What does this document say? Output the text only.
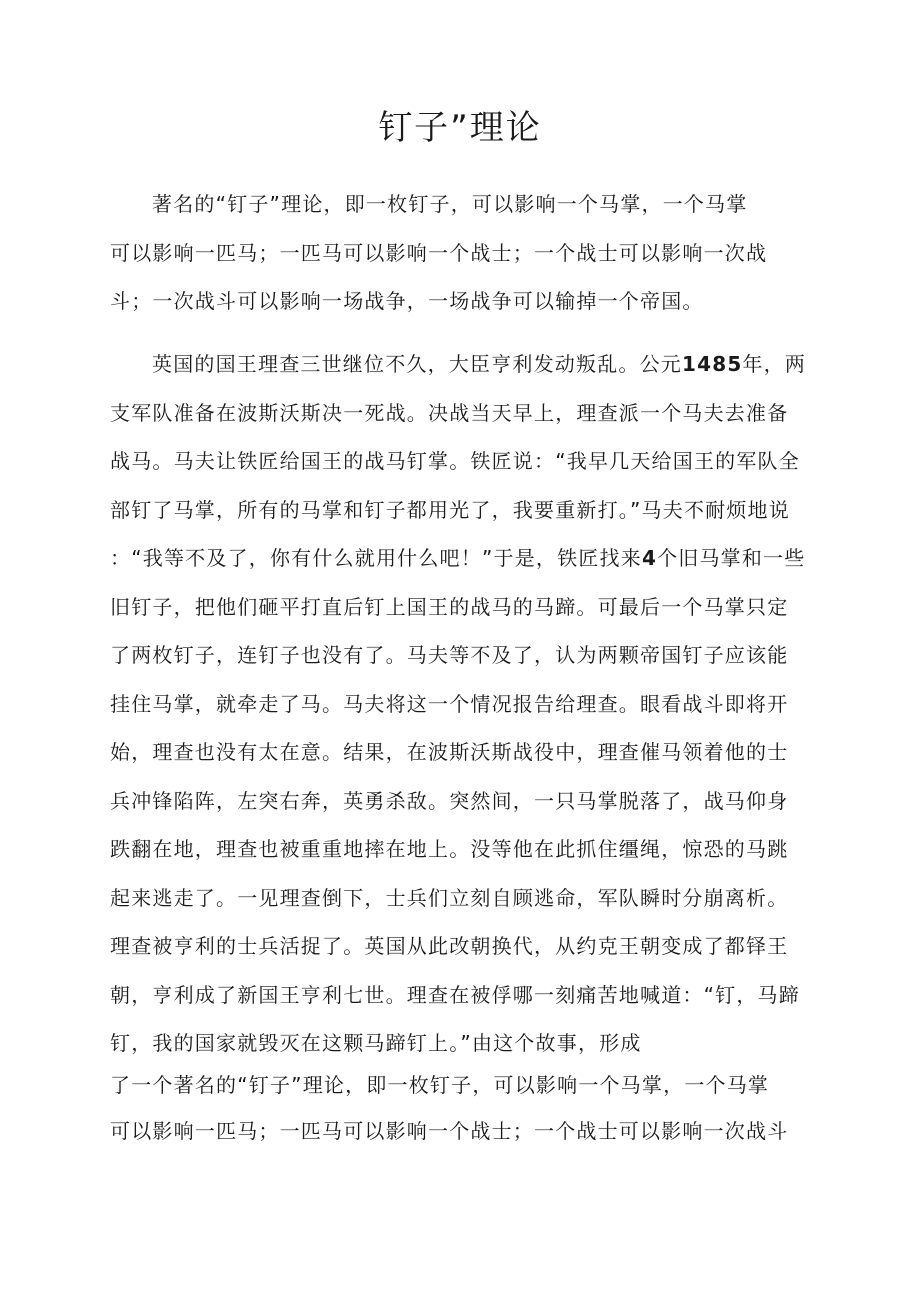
钉子”理论
著名的“钉子”理论，即一枚钉子，可以影响一个马掌，一个马掌
可以影响一匹马；一匹马可以影响一个战士；一个战士可以影响一次战
斗；一次战斗可以影响一场战争，一场战争可以输掉一个帝国。
英国的国王理查三世继位不久，大臣亨利发动叛乱。公元1485年，两
支军队准备在波斯沃斯决一死战。决战当天早上，理查派一个马夫去准备
战马。马夫让铁匠给国王的战马钉掌。铁匠说：“我早几天给国王的军队全
部钉了马掌，所有的马掌和钉子都用光了，我要重新打。”马夫不耐烦地说
：“我等不及了，你有什么就用什么吧！”于是，铁匠找来4个旧马掌和一些
旧钉子，把他们砸平打直后钉上国王的战马的马蹄。可最后一个马掌只定
了两枚钉子，连钉子也没有了。马夫等不及了，认为两颗帝国钉子应该能
挂住马掌，就牵走了马。马夫将这一个情况报告给理查。眼看战斗即将开
始，理查也没有太在意。结果，在波斯沃斯战役中，理查催马领着他的士
兵冲锋陷阵，左突右奔，英勇杀敌。突然间，一只马掌脱落了，战马仰身
跌翻在地，理查也被重重地摔在地上。没等他在此抓住缰绳，惊恐的马跳
起来逃走了。一见理查倒下，士兵们立刻自顾逃命，军队瞬时分崩离析。
理查被亨利的士兵活捉了。英国从此改朝换代，从约克王朝变成了都铎王
朝，亨利成了新国王亨利七世。理查在被俘哪一刻痛苦地喊道：“钉，马蹄
钉，我的国家就毁灭在这颗马蹄钉上。”由这个故事，形成
了一个著名的“钉子”理论，即一枚钉子，可以影响一个马掌，一个马掌
可以影响一匹马；一匹马可以影响一个战士；一个战士可以影响一次战斗
